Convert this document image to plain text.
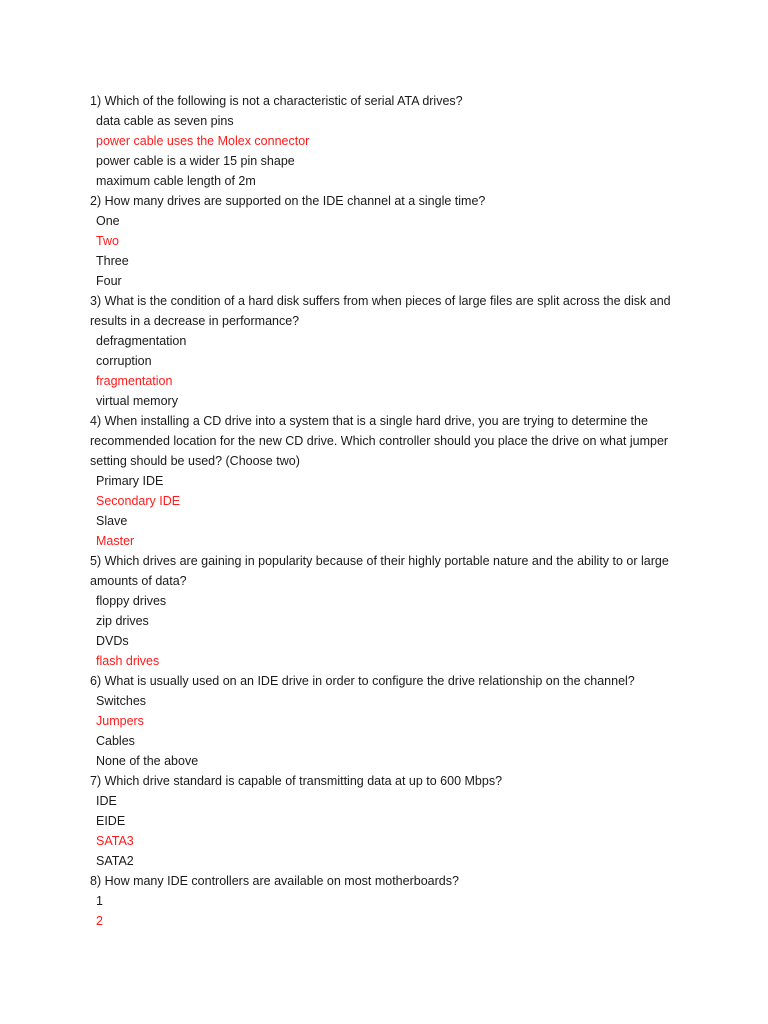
1) Which of the following is not a characteristic of serial ATA drives?
data cable as seven pins
power cable uses the Molex connector
power cable is a wider 15 pin shape
maximum cable length of 2m
2) How many drives are supported on the IDE channel at a single time?
One
Two
Three
Four
3) What is the condition of a hard disk suffers from when pieces of large files are split across the disk and results in a decrease in performance?
defragmentation
corruption
fragmentation
virtual memory
4) When installing a CD drive into a system that is a single hard drive, you are trying to determine the recommended location for the new CD drive. Which controller should you place the drive on what jumper setting should be used? (Choose two)
Primary IDE
Secondary IDE
Slave
Master
5) Which drives are gaining in popularity because of their highly portable nature and the ability to or large amounts of data?
floppy drives
zip drives
DVDs
flash drives
6) What is usually used on an IDE drive in order to configure the drive relationship on the channel?
Switches
Jumpers
Cables
None of the above
7) Which drive standard is capable of transmitting data at up to 600 Mbps?
IDE
EIDE
SATA3
SATA2
8) How many IDE controllers are available on most motherboards?
1
2
